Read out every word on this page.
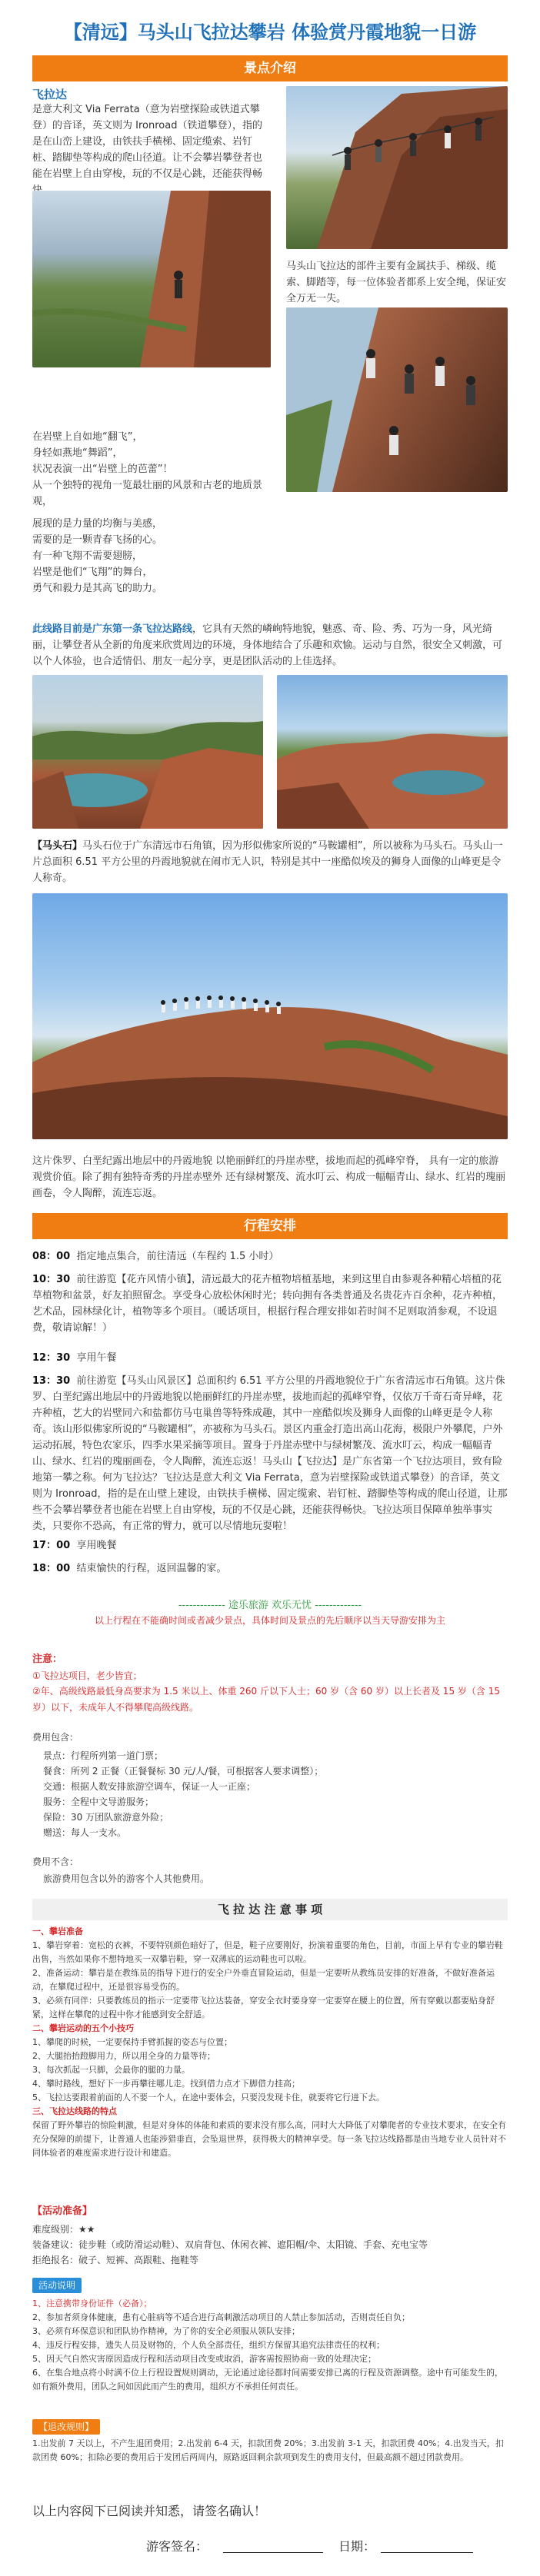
【清远】马头山飞拉达攀岩 体验赏丹霞地貌一日游
景点介绍
飞拉达
是意大利文 Via Ferrata（意为岩壁探险或铁道式攀登）的音译，英文则为 Ironroad（铁道攀登），指的是在山峦上建设，由铁扶手横梯、固定缆索、岩钉桩、踏脚垫等构成的爬山径道。让不会攀岩攀登者也能在岩壁上自由穿梭，玩的不仅是心跳，还能获得畅
马头山飞拉达的部件主要有金属扶手、梯级、缆索、脚踏等，每一位体验者都系上安全绳，保证安全万无一失。
在岩壁上自如地“翻飞”，
身轻如燕地“舞蹈”，
状况表演一出“岩壁上的芭蕾”！
从一个独特的视角一览最壮丽的风景和古老的地质景观，
展现的是力量的均衡与美感，
需要的是一颗青春飞扬的心。
有一种飞翔不需要翅膀，
岩壁是他们“飞翔”的舞台，
勇气和毅力是其高飞的助力。
此线路目前是广东第一条飞拉达路线，它具有天然的嶙峋特地貌，魅惑、奇、险、秀、巧为一身，风光绮丽，让攀登者从全新的角度来欣赏周边的环境，身体地结合了乐趣和欢愉。运动与自然，很安全又刺激，可以个人体验，也合适情侣、朋友一起分享，更是团队活动的上佳选择。
【马头石】马头石位于广东清远市石角镇，因为形似佛家所说的“马鞍罐相”，所以被称为马头石。马头山一片总面积 6.51 平方公里的丹霞地貌就在闹市无人识，特别是其中一座酷似埃及的狮身人面像的山峰更是令人称奇。
这片侏罗、白垩纪露出地层中的丹霞地貌 以艳丽鲜红的丹崖赤壁，拔地而起的孤峰窄脊， 具有一定的旅游观赏价值。除了拥有独特奇秀的丹崖赤壁外 还有绿树繁茂、流水叮云、构成一幅幅青山、绿水、红岩的瑰丽画卷，令人陶醉，流连忘返。
行程安排
08：00 指定地点集合，前往清远（车程约 1.5 小时）
10：30 前往游览【花卉风情小镇】，清远最大的花卉植物培植基地，来到这里自由参观各种精心培植的花草植物和盆景，好友拍照留念。享受身心放松休闲时光；转向拥有各类普通及名贵花卉百余种，花卉种植，艺术品，园林绿化计，植物等多个项目。（暖话项目，根据行程合理安排如若时间不足则取消参观，不设退费，敬请谅解！）
12：30 享用午餐
13：30 前往游览【马头山风景区】总面积约 6.51 平方公里的丹霞地貌位于广东省清远市石角镇。这片侏罗、白垩纪露出地层中的丹霞地貌以艳丽鲜红的丹崖赤壁，拔地而起的孤峰窄脊，仅依万千奇石奇异峰，花卉种植，艺大的岩壁同六和盐都仿马屯巢兽等特殊成趣，其中一座酷似埃及狮身人面像的山峰更是令人称奇。该山形似佛家所说的“马鞍罐相”，亦被称为马头石。景区内重金打造出高山花海，极限户外攀爬，户外运动拓展，特色农家乐，四季水果采摘等项目。置身于丹崖赤壁中与绿树繁茂、流水叮云，构成一幅幅青山、绿水、红岩的瑰丽画卷，令人陶醉，流连忘返！马头山【飞拉达】是广东省第一个飞拉达项目，致有险地第一攀之称。何为飞拉达？飞拉达是意大利文 Via Ferrata，意为岩壁探险或铁道式攀登）的音译，英文则为 Ironroad，指的是在山壁上建设，由铁扶手横梯、固定缆索、岩钉桩、踏脚垫等构成的爬山径道，让那些不会攀岩攀登者也能在岩壁上自由穿梭，玩的不仅是心跳，还能获得畅快。飞拉达项目保障单独举事实类，只要你不恐高，有正常的臂力，就可以尽情地玩耍啦！
17：00 享用晚餐
18：00 结束愉快的行程，返回温馨的家。
------------- 途乐旅游 欢乐无忧 -------------
以上行程在不能确时间或者减少景点，具体时间及景点的先后顺序以当天导游安排为主
注意：
①飞拉达项目，老少皆宜；
②年、高级线路最低身高要求为 1.5 米以上、体重 260 斤以下人士；60 岁（含 60 岁）以上长者及 15 岁（含 15 岁）以下，未成年人不得攀爬高级线路。
费用包含：
景点：行程所列第一道门票；
餐食：所列 2 正餐（正餐餐标 30 元/人/餐，可根据客人要求调整）；
交通：根据人数安排旅游空调车，保证一人一正座；
服务：全程中文导游服务；
保险：30 万团队旅游意外险；
赠送：每人一支水。
费用不含：
旅游费用包含以外的游客个人其他费用。
飞 拉 达 注 意 事 项
一、攀岩准备
1、攀岩穿着：宽松的衣裤，不要特别颜色暗好了，但是，鞋子应要刚好，扮演着重要的角色，目前，市面上早有专业的攀岩鞋出售，当然如果你不想特地买一双攀岩鞋，穿一双薄底的运动鞋也可以啦。
2、准备运动：攀岩是在教练员的指导下进行的安全户外垂直冒险运动，但是一定要听从教练员安排的好准备，不做好准备运动，在攀爬过程中，还是很容易受伤的。
3、必须有同伴：只要教练员的指示一定要带飞拉达装备，穿安全衣时要身穿一定要穿在腰上的位置，所有穿戴以都要贴身舒紧，这样在攀爬的过程中你才能感到安全舒适。
二、攀岩运动的五个小技巧
1、攀爬的时候，一定要保持手臂抓握的姿态与位置；
2、大腿抬抬蹬脚用力，所以用全身的力量等待；
3、每次抓起一只脚，会最你的腿的力量。
4、攀时路线，想好下一步再攀往哪儿走。找到借力点才下脚借力挂高；
5、飞拉达要跟着前面的人不要一个人，在途中要体会，只要没发现卡住，就要将它行进下去。
三、飞拉达线路的特点
保留了野外攀岩的惊险刺激，但是对身体的体能和素质的要求没有那么高，同时大大降低了对攀爬者的专业技术要求，在安全有充分保障的前提下，让普通人也能涉猎垂直，会坠退世界，获得极大的精神享受。每一条飞拉达线路都是由当地专业人员针对不同体验者的难度需求进行设计和建造。
【活动准备】
难度级别：★★
装备建议：徒步鞋（或防滑运动鞋）、双肩背包、休闲衣裤、遮阳帽/伞、太阳镜、手套、充电宝等
拒绝报名：破子、短裤、高跟鞋、拖鞋等
活动说明
1、注意携带身份证件（必备）；
2、参加者须身体健康，患有心脏病等不适合进行高刺激活动项目的人禁止参加活动，否则责任自负；
3、必须有环保意识和团队协作精神，为了你的安全必须服从领队安排；
4、违反行程安排，遗失人员及财物的，个人负全部责任，组织方保留其追究法律责任的权利；
5、因天气自然灾害原因造成行程和活动项目改变或取消，游客需按照协商一致的处理决定；
6、在集合地点将小时满不位上行程设置规则调动，无论通过途径都时间需要安排已离的行程及资源调整。途中有可能发生的，如有额外费用，团队之间如因此而产生的费用，组织方不承担任何责任。
【退改规则】
1.出发前 7 天以上，不产生退团费用；2.出发前 6-4 天，扣款团费 20%；3.出发前 3-1 天，扣款团费 40%；4.出发当天，扣款团费 60%；扣除必要的费用后于发团后两周内，原路返回剩余款项到发生的费用支付，但最高额不超过团款费用。
以上内容阅下已阅读并知悉，请签名确认！
游客签名：	日期：
